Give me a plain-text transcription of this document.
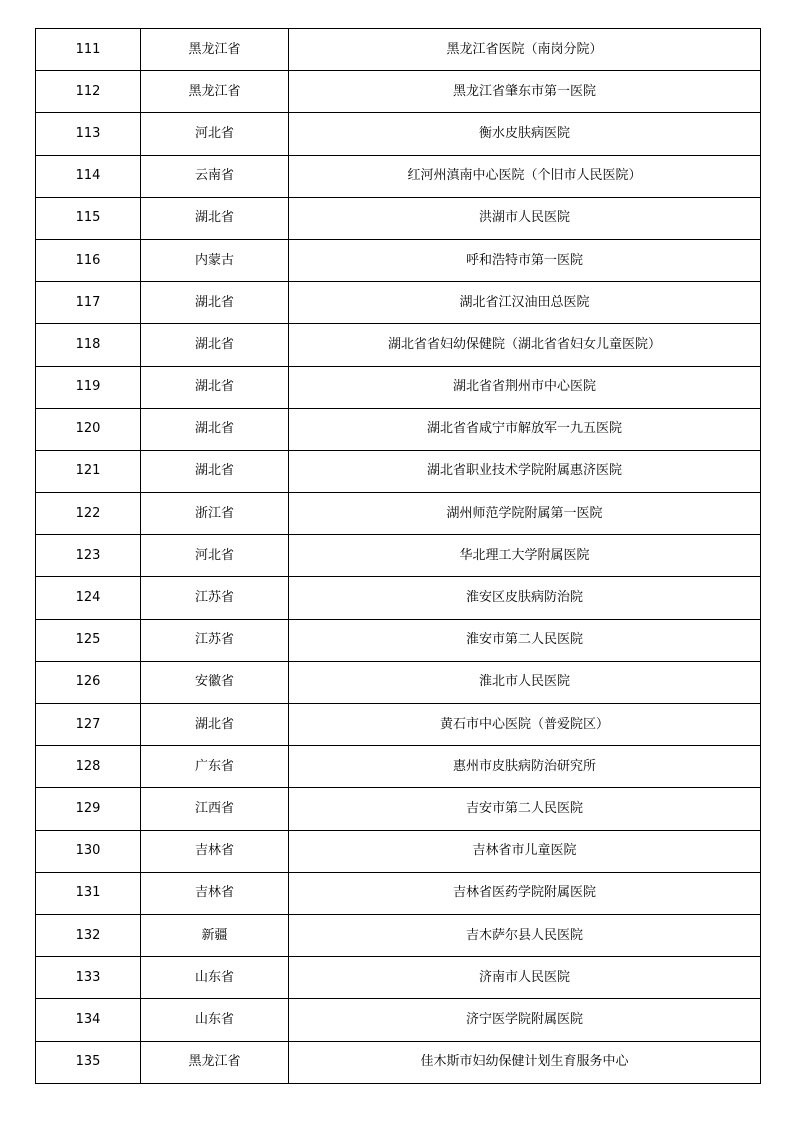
111	黑龙江省	黑龙江省医院（南岗分院）
112	黑龙江省	黑龙江省肇东市第一医院
113	河北省	衡水皮肤病医院
114	云南省	红河州滇南中心医院（个旧市人民医院）
115	湖北省	洪湖市人民医院
116	内蒙古	呼和浩特市第一医院
117	湖北省	湖北省江汉油田总医院
118	湖北省	湖北省省妇幼保健院（湖北省省妇女儿童医院）
119	湖北省	湖北省省荆州市中心医院
120	湖北省	湖北省省咸宁市解放军一九五医院
121	湖北省	湖北省职业技术学院附属惠济医院
122	浙江省	湖州师范学院附属第一医院
123	河北省	华北理工大学附属医院
124	江苏省	淮安区皮肤病防治院
125	江苏省	淮安市第二人民医院
126	安徽省	淮北市人民医院
127	湖北省	黄石市中心医院（普爱院区）
128	广东省	惠州市皮肤病防治研究所
129	江西省	吉安市第二人民医院
130	吉林省	吉林省市儿童医院
131	吉林省	吉林省医药学院附属医院
132	新疆	吉木萨尔县人民医院
133	山东省	济南市人民医院
134	山东省	济宁医学院附属医院
135	黑龙江省	佳木斯市妇幼保健计划生育服务中心
